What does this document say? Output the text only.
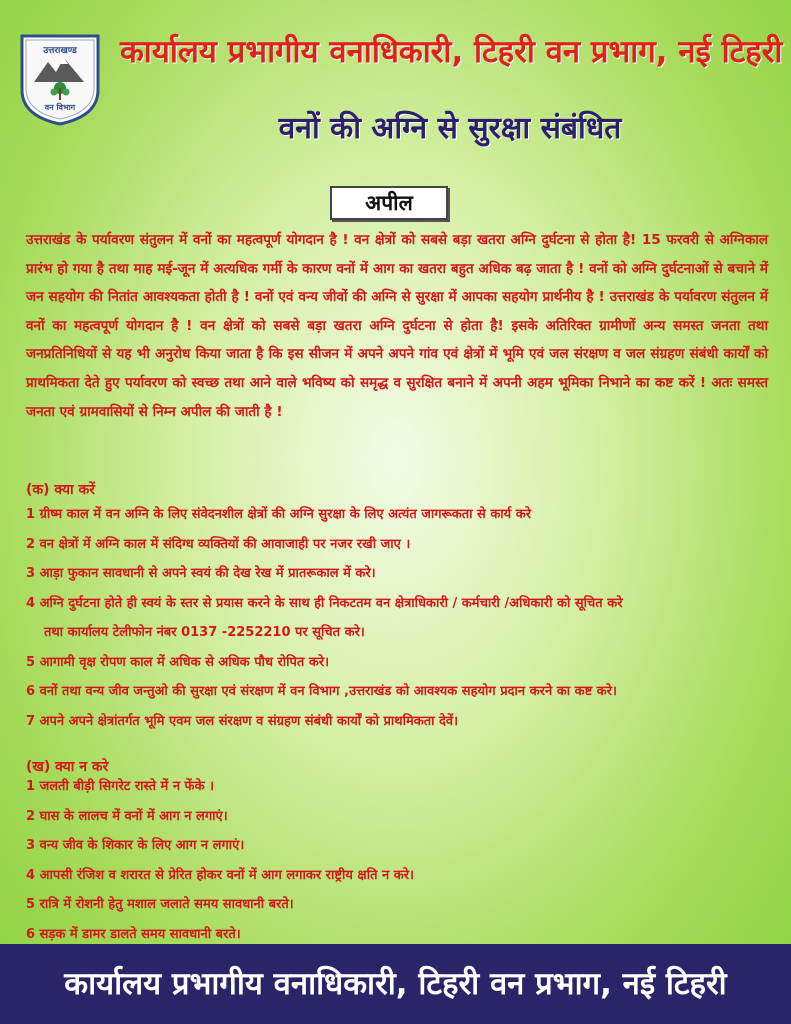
उत्तराखण्ड
वन विभाग
कार्यालय प्रभागीय वनाधिकारी, टिहरी वन प्रभाग, नई टिहरी
वनों की अग्नि से सुरक्षा संबंधित
अपील
उत्तराखंड के पर्यावरण संतुलन में वनों का महत्वपूर्ण योगदान है ! वन क्षेत्रों को सबसे बड़ा खतरा अग्नि दुर्घटना से होता है! 15 फरवरी से अग्निकाल प्रारंभ हो गया है तथा माह मई-जून में अत्यधिक गर्मी के कारण वनों में आग का खतरा बहुत अधिक बढ़ जाता है ! वनों को अग्नि दुर्घटनाओं से बचाने में जन सहयोग की नितांत आवश्यकता होती है ! वनों एवं वन्य जीवों की अग्नि से सुरक्षा में आपका सहयोग प्रार्थनीय है ! उत्तराखंड के पर्यावरण संतुलन में वनों का महत्वपूर्ण योगदान है ! वन क्षेत्रों को सबसे बड़ा खतरा अग्नि दुर्घटना से होता है! इसके अतिरिक्त ग्रामीणों अन्य समस्त जनता तथा जनप्रतिनिधियों से यह भी अनुरोध किया जाता है कि इस सीजन में अपने अपने गांव एवं क्षेत्रों में भूमि एवं जल संरक्षण व जल संग्रहण संबंधी कार्यों को प्राथमिकता देते हुए पर्यावरण को स्वच्छ तथा आने वाले भविष्य को समृद्ध व सुरक्षित बनाने में अपनी अहम भूमिका निभाने का कष्ट करें ! अतः समस्त जनता एवं ग्रामवासियों से निम्न अपील की जाती है !
(क) क्या करें
1 ग्रीष्म काल में वन अग्नि के लिए संवेदनशील क्षेत्रों की अग्नि सुरक्षा के लिए अत्यंत जागरूकता से कार्य करे
2 वन क्षेत्रों में अग्नि काल में संदिग्ध व्यक्तियों की आवाजाही पर नजर रखी जाए ।
3 आड़ा फुकान सावधानी से अपने स्वयं की देख रेख में प्रातरूकाल में करे।
4 अग्नि दुर्घटना होते ही स्वयं के स्तर से प्रयास करने के साथ ही निकटतम वन क्षेत्राधिकारी / कर्मचारी /अधिकारी को सूचित करे
तथा कार्यालय टेलीफोन नंबर 0137 -2252210 पर सूचित करे।
5 आगामी वृक्ष रोपण काल में अधिक से अधिक पौध रोपित करे।
6 वनों तथा वन्य जीव जन्तुओ की सुरक्षा एवं संरक्षण में वन विभाग ,उत्तराखंड को आवश्यक सहयोग प्रदान करने का कष्ट करे।
7 अपने अपने क्षेत्रांतर्गत भूमि एवम जल संरक्षण व संग्रहण संबंधी कार्यों को प्राथमिकता देवें।
(ख) क्या न करे
1 जलती बीड़ी सिगरेट रास्ते में न फेंके ।
2 घास के लालच में वनों में आग न लगाएं।
3 वन्य जीव के शिकार के लिए आग न लगाएं।
4 आपसी रंजिश व शरारत से प्रेरित होकर वनों में आग लगाकर राष्ट्रीय क्षति न करे।
5 रात्रि में रोशनी हेतु मशाल जलाते समय सावधानी बरते।
6 सड़क में डामर डालते समय सावधानी बरते।
कार्यालय प्रभागीय वनाधिकारी, टिहरी वन प्रभाग, नई टिहरी
